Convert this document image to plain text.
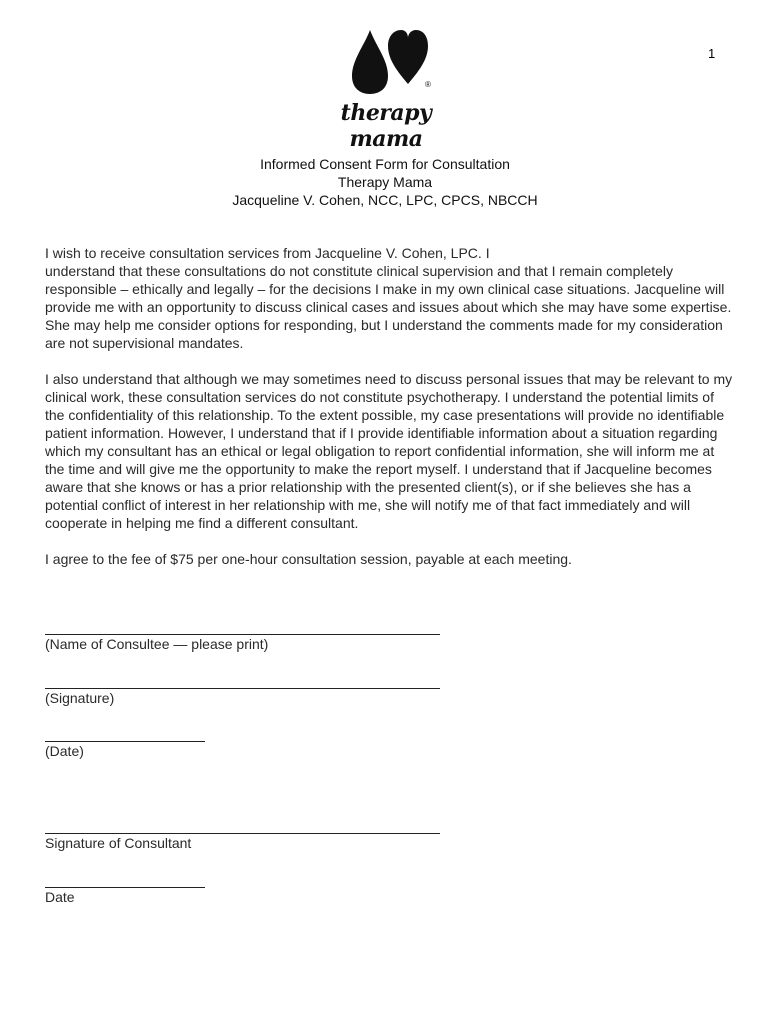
1
®
therapy mama
Informed Consent Form for Consultation
Therapy Mama
Jacqueline V. Cohen, NCC, LPC, CPCS, NBCCH

I wish to receive consultation services from Jacqueline V. Cohen, LPC. I
understand that these consultations do not constitute clinical supervision and that I remain completely responsible – ethically and legally – for the decisions I make in my own clinical case situations. Jacqueline will provide me with an opportunity to discuss clinical cases and issues about which she may have some expertise. She may help me consider options for responding, but I understand the comments made for my consideration are not supervisional mandates.

I also understand that although we may sometimes need to discuss personal issues that may be relevant to my clinical work, these consultation services do not constitute psychotherapy. I understand the potential limits of the confidentiality of this relationship. To the extent possible, my case presentations will provide no identifiable patient information. However, I understand that if I provide identifiable information about a situation regarding which my consultant has an ethical or legal obligation to report confidential information, she will inform me at the time and will give me the opportunity to make the report myself. I understand that if Jacqueline becomes aware that she knows or has a prior relationship with the presented client(s), or if she believes she has a potential conflict of interest in her relationship with me, she will notify me of that fact immediately and will cooperate in helping me find a different consultant.

I agree to the fee of $75 per one-hour consultation session, payable at each meeting.

(Name of Consultee — please print)
(Signature)
(Date)
Signature of Consultant
Date
